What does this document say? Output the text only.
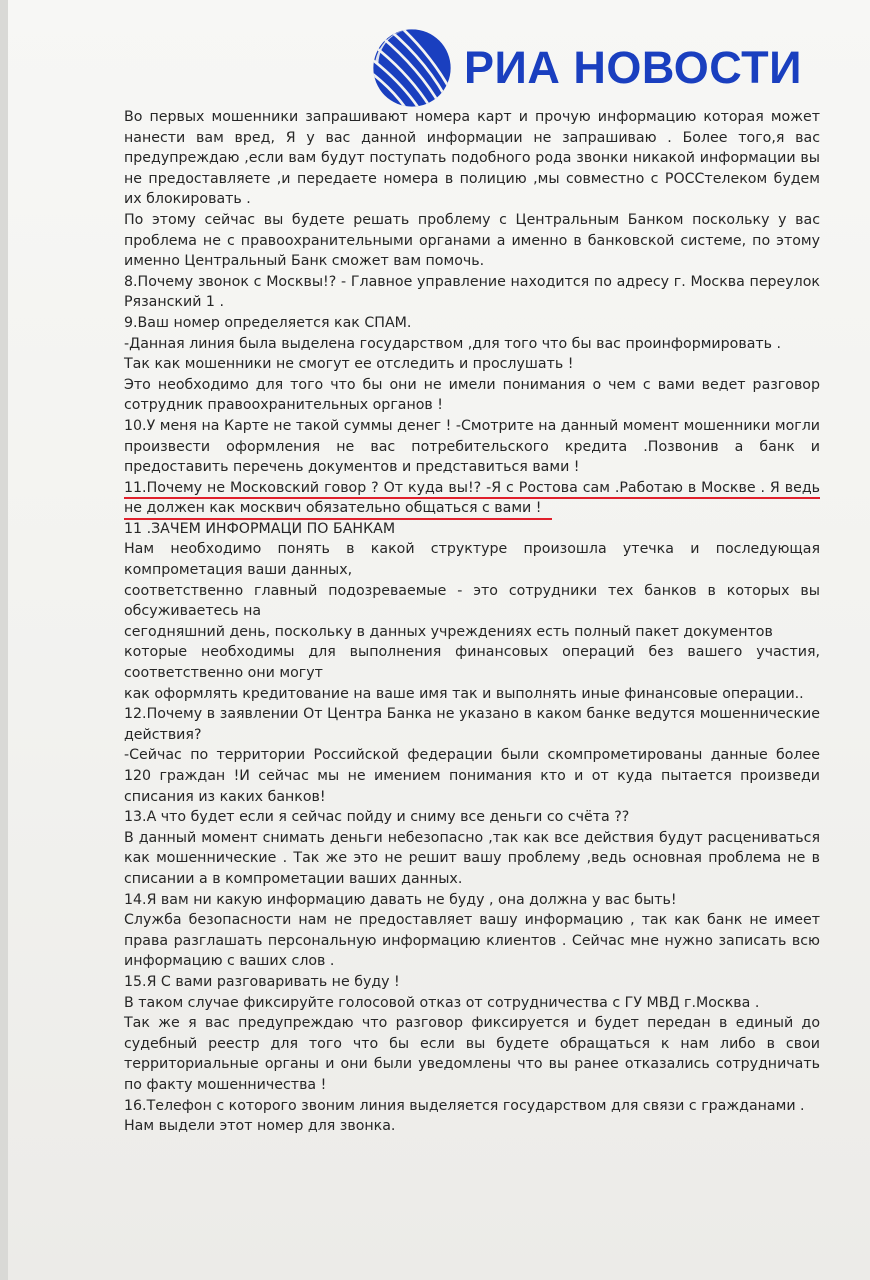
РИА НОВОСТИ

Во первых мошенники запрашивают номера карт и прочую информацию которая может нанести вам вред, Я у вас данной информации не запрашиваю . Более того,я вас предупреждаю ,если вам будут поступать подобного рода звонки никакой информации вы не предоставляете ,и передаете номера в полицию ,мы совместно с РОССтелеком будем их блокировать .

По этому сейчас вы будете решать проблему с Центральным Банком поскольку у вас проблема не с правоохранительными органами а именно в банковской системе, по этому именно Центральный Банк сможет вам помочь.

8.Почему звонок с Москвы!? - Главное управление находится по адресу г. Москва переулок Рязанский 1 .

9.Ваш номер определяется как СПАМ.

-Данная линия была выделена государством ,для того что бы вас проинформировать .

Так как мошенники не смогут ее отследить и прослушать !

Это необходимо для того что бы они не имели понимания о чем с вами ведет разговор сотрудник правоохранительных органов !

10.У меня на Карте не такой суммы денег ! -Смотрите на данный момент мошенники могли произвести оформления не вас потребительского кредита .Позвонив а банк и предоставить перечень документов и представиться вами !

11.Почему не Московский говор ? От куда вы!? -Я с Ростова сам .Работаю в Москве . Я ведь не должен как москвич обязательно общаться с вами !

11 .ЗАЧЕМ ИНФОРМАЦИ ПО БАНКАМ

Нам необходимо понять в какой структуре произошла утечка и последующая компрометация ваши данных,

соответственно главный подозреваемые - это сотрудники тех банков в которых вы обсуживаетесь на

сегодняшний день, поскольку в данных учреждениях есть полный пакет документов

которые необходимы для выполнения финансовых операций без вашего участия, соответственно они могут

как оформлять кредитование на ваше имя так и выполнять иные финансовые операции..

12.Почему в заявлении От Центра Банка не указано в каком банке ведутся мошеннические действия?

-Сейчас по территории Российской федерации были скомпрометированы данные более 120 граждан !И сейчас мы не имением понимания кто и от куда пытается произведи списания из каких банков!

13.А что будет если я сейчас пойду и сниму все деньги со счёта ??

В данный момент снимать деньги небезопасно ,так как все действия будут расцениваться как мошеннические . Так же это не решит вашу проблему ,ведь основная проблема не в списании а в компрометации ваших данных.

14.Я вам ни какую информацию давать не буду , она должна у вас быть!

Служба безопасности нам не предоставляет вашу информацию , так как банк не имеет права разглашать персональную информацию клиентов . Сейчас мне нужно записать всю информацию с ваших слов .

15.Я С вами разговаривать не буду !

В таком случае фиксируйте голосовой отказ от сотрудничества с ГУ МВД г.Москва .

Так же я вас предупреждаю что разговор фиксируется и будет передан в единый до судебный реестр для того что бы если вы будете обращаться к нам либо в свои территориальные органы и они были уведомлены что вы ранее отказались сотрудничать по факту мошенничества !

16.Телефон с которого звоним линия выделяется государством для связи с гражданами .

Нам выдели этот номер для звонка.
